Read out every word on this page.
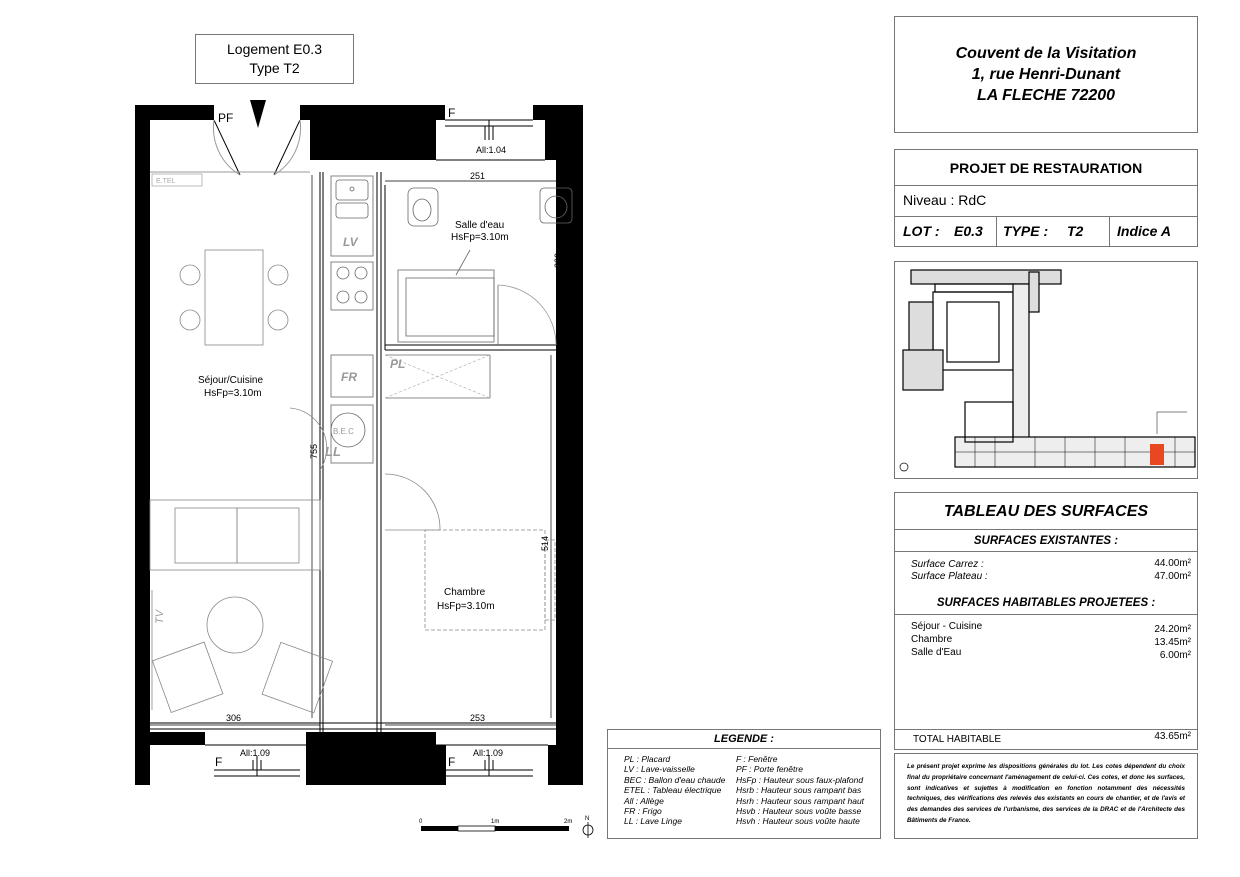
PF	F
All:1.04
E.TEL
251
230
LV
Salle d'eau
HsFp=3.10m
Séjour/Cuisine
HsFp=3.10m
FR
PL
B.E.C
LL
755
514
Chambre
HsFp=3.10m
TV
306	253
All:1.09	All:1.09
F	F
0	1m	2m N
Logement E0.3
Type T2
LEGENDE :
PL : Placard
LV : Lave-vaisselle
BEC : Ballon d'eau chaude
ETEL : Tableau électrique
All : Allège
FR : Frigo
LL : Lave Linge
F : Fenêtre
PF : Porte fenêtre
HsFp : Hauteur sous faux-plafond
Hsrb : Hauteur sous rampant bas
Hsrh : Hauteur sous rampant haut
Hsvb : Hauteur sous voûte basse
Hsvh : Hauteur sous voûte haute
Couvent de la Visitation
1, rue Henri-Dunant
LA FLECHE 72200
PROJET DE RESTAURATION
Niveau : RdC
LOT : E0.3 TYPE : T2 Indice A
TABLEAU DES SURFACES
SURFACES EXISTANTES :
Surface Carrez :	44.00m²
Surface Plateau :	47.00m²
SURFACES HABITABLES PROJETEES :
Séjour - Cuisine	24.20m²
Chambre	13.45m²
Salle d'Eau	6.00m²
TOTAL HABITABLE	43.65m²
Le présent projet exprime les dispositions générales du lot. Les cotes dépendent du choix final du propriétaire concernant l'aménagement de celui-ci. Ces cotes, et donc les surfaces, sont indicatives et sujettes à modification en fonction notamment des nécessités techniques, des vérifications des relevés des existants en cours de chantier, et de l'avis et des demandes des services de l'urbanisme, des services de la DRAC et de l'Architecte des Bâtiments de France.
